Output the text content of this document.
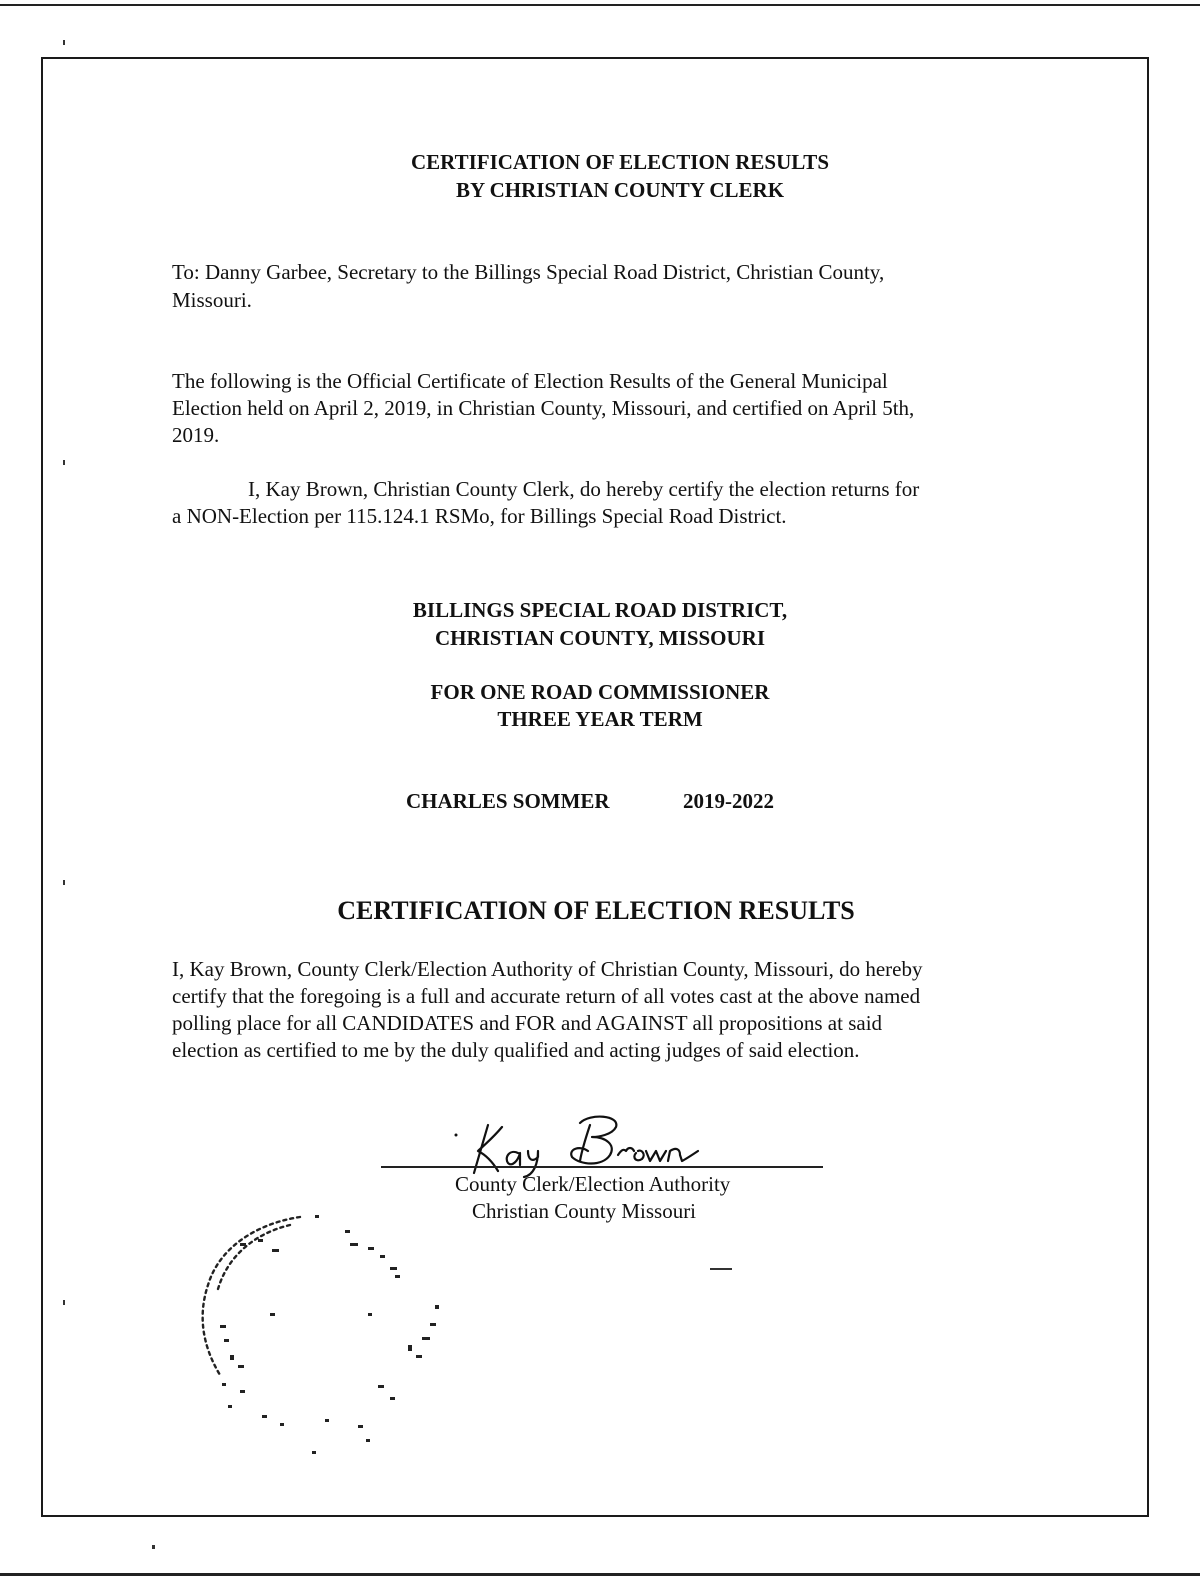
CERTIFICATION OF ELECTION RESULTS
BY CHRISTIAN COUNTY CLERK
To: Danny Garbee, Secretary to the Billings Special Road District, Christian County,
Missouri.
The following is the Official Certificate of Election Results of the General Municipal
Election held on April 2, 2019, in Christian County, Missouri, and certified on April 5th,
2019.
I, Kay Brown, Christian County Clerk, do hereby certify the election returns for
a NON-Election per 115.124.1 RSMo, for Billings Special Road District.
BILLINGS SPECIAL ROAD DISTRICT,
CHRISTIAN COUNTY, MISSOURI
FOR ONE ROAD COMMISSIONER
THREE YEAR TERM
CHARLES SOMMER	2019-2022
CERTIFICATION OF ELECTION RESULTS
I, Kay Brown, County Clerk/Election Authority of Christian County, Missouri, do hereby
certify that the foregoing is a full and accurate return of all votes cast at the above named
polling place for all CANDIDATES and FOR and AGAINST all propositions at said
election as certified to me by the duly qualified and acting judges of said election.
County Clerk/Election Authority
Christian County Missouri
